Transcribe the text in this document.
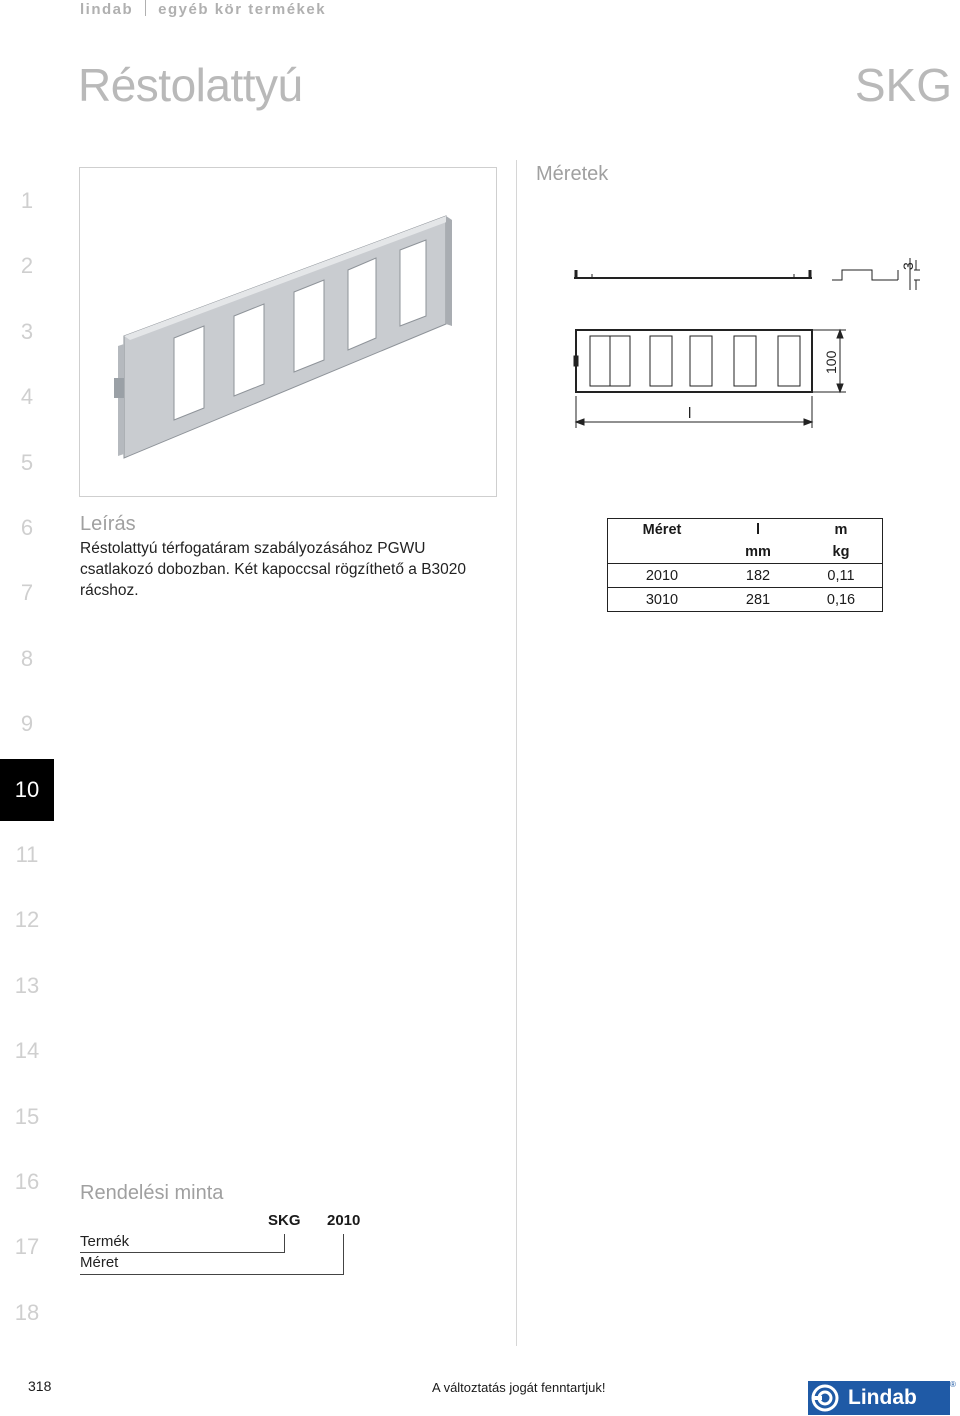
lindab egyéb kör termékek
Réstolattyú	SKG
1
2
3
4
5
6
7
8
9
10
11
12
13
14
15
16
17
18
Méretek
l
100
3
Leírás
Réstolattyú térfogatáram szabályozásához PGWU csatlakozó dobozban. Két kapoccsal rögzíthető a B3020 rácshoz.
Méret	l	m
	mm	kg
2010	182	0,11
3010	281	0,16
Rendelési minta
SKG 2010
Termék
Méret
318	A változtatás jogát fenntartjuk!	Lindab
®
